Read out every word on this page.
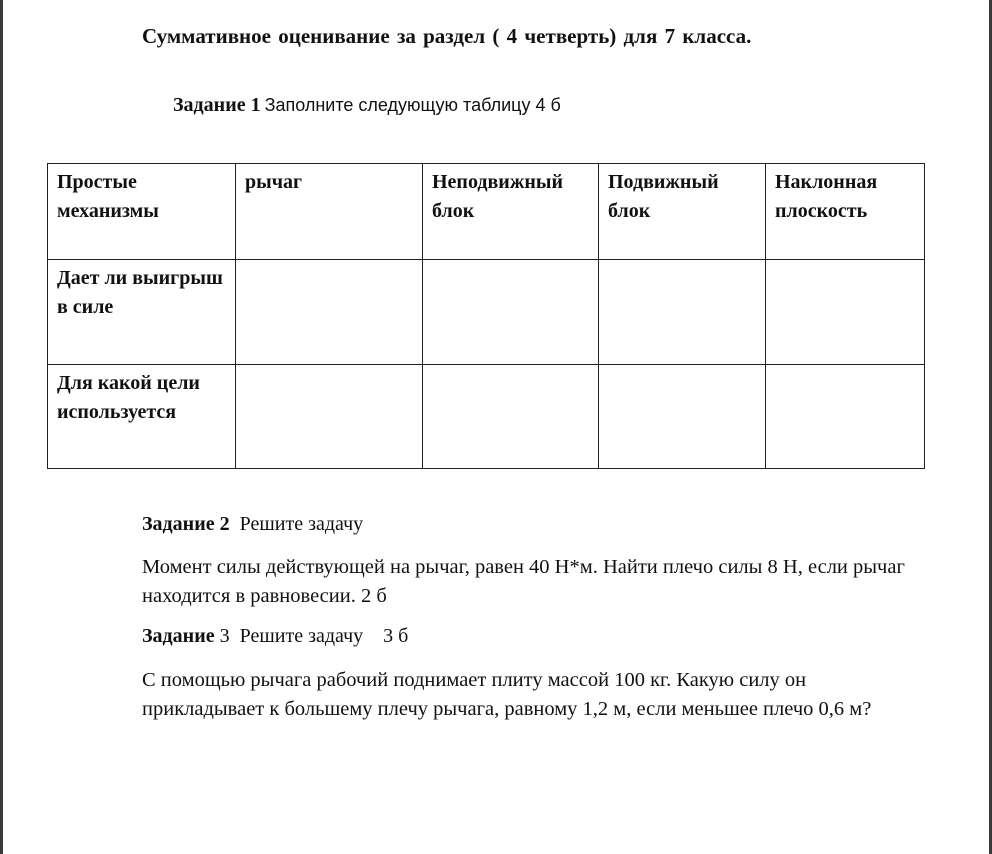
Суммативное оценивание за раздел ( 4 четверть) для 7 класса.
Задание 1 Заполните следующую таблицу 4 б
Простые механизмы	рычаг	Неподвижный блок	Подвижный блок	Наклонная плоскость
Дает ли выигрыш в силе				
Для какой цели используется				
Задание 2 Решите задачу
Момент силы действующей на рычаг, равен 40 Н*м. Найти плечо силы 8 Н, если рычаг находится в равновесии. 2 б
Задание 3 Решите задачу    3 б
С помощью рычага рабочий поднимает плиту массой 100 кг. Какую силу он прикладывает к большему плечу рычага, равному 1,2 м, если меньшее плечо 0,6 м?
